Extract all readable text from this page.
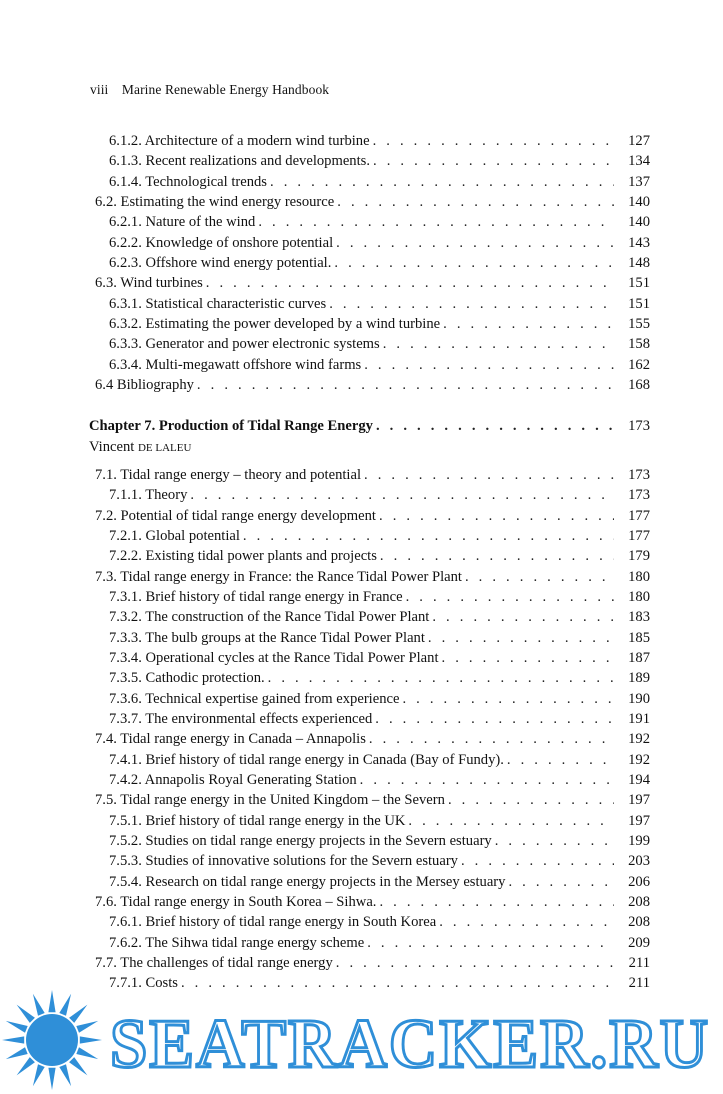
viii Marine Renewable Energy Handbook
6.1.2. Architecture of a modern wind turbine . . .	127
6.1.3. Recent realizations and developments. . . .	134
6.1.4. Technological trends . . .	137
6.2. Estimating the wind energy resource . . .	140
6.2.1. Nature of the wind . . .	140
6.2.2. Knowledge of onshore potential . . .	143
6.2.3. Offshore wind energy potential. . . .	148
6.3. Wind turbines . . .	151
6.3.1. Statistical characteristic curves . . .	151
6.3.2. Estimating the power developed by a wind turbine . . .	155
6.3.3. Generator and power electronic systems . . .	158
6.3.4. Multi-megawatt offshore wind farms . . .	162
6.4 Bibliography . . .	168
Chapter 7. Production of Tidal Range Energy . . .	173
Vincent DE LALEU
7.1. Tidal range energy – theory and potential . . .	173
7.1.1. Theory . . .	173
7.2. Potential of tidal range energy development . . .	177
7.2.1. Global potential . . .	177
7.2.2. Existing tidal power plants and projects . . .	179
7.3. Tidal range energy in France: the Rance Tidal Power Plant . . .	180
7.3.1. Brief history of tidal range energy in France . . .	180
7.3.2. The construction of the Rance Tidal Power Plant . . .	183
7.3.3. The bulb groups at the Rance Tidal Power Plant . . .	185
7.3.4. Operational cycles at the Rance Tidal Power Plant . . .	187
7.3.5. Cathodic protection. . . .	189
7.3.6. Technical expertise gained from experience . . .	190
7.3.7. The environmental effects experienced . . .	191
7.4. Tidal range energy in Canada – Annapolis . . .	192
7.4.1. Brief history of tidal range energy in Canada (Bay of Fundy). . . .	192
7.4.2. Annapolis Royal Generating Station . . .	194
7.5. Tidal range energy in the United Kingdom – the Severn . . .	197
7.5.1. Brief history of tidal range energy in the UK . . .	197
7.5.2. Studies on tidal range energy projects in the Severn estuary . . .	199
7.5.3. Studies of innovative solutions for the Severn estuary . . .	203
7.5.4. Research on tidal range energy projects in the Mersey estuary . . .	206
7.6. Tidal range energy in South Korea – Sihwa. . . .	208
7.6.1. Brief history of tidal range energy in South Korea . . .	208
7.6.2. The Sihwa tidal range energy scheme . . .	209
7.7. The challenges of tidal range energy . . .	211
7.7.1. Costs . . .	211
SEATRACKER.RU
